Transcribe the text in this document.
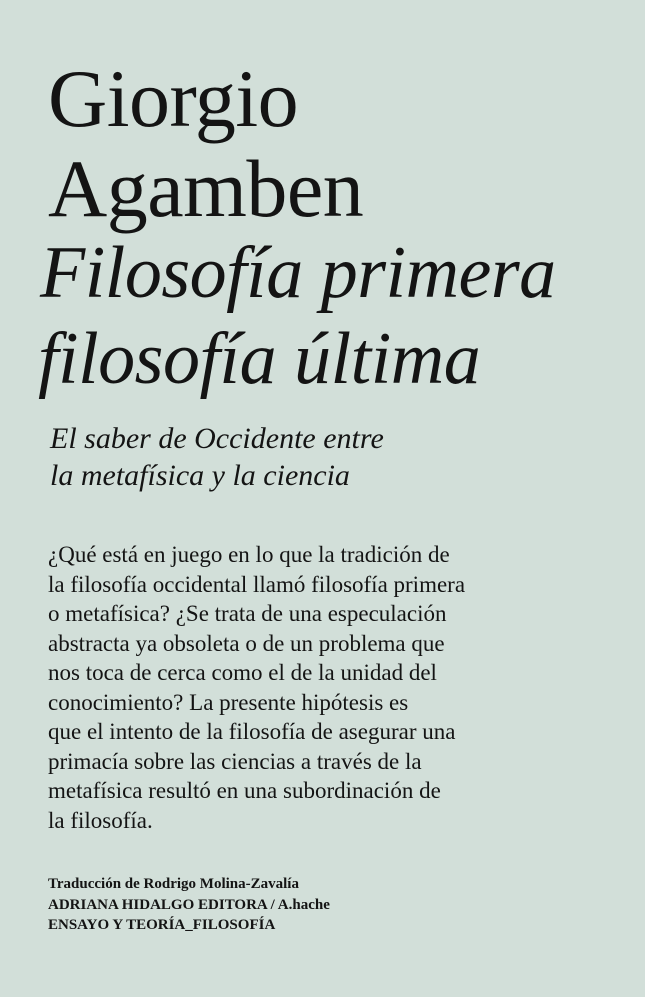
Giorgio
Agamben
Filosofía primera
filosofía última
El saber de Occidente entre
la metafísica y la ciencia

¿Qué está en juego en lo que la tradición de
la filosofía occidental llamó filosofía primera
o metafísica? ¿Se trata de una especulación
abstracta ya obsoleta o de un problema que
nos toca de cerca como el de la unidad del
conocimiento? La presente hipótesis es
que el intento de la filosofía de asegurar una
primacía sobre las ciencias a través de la
metafísica resultó en una subordinación de
la filosofía.

Traducción de Rodrigo Molina-Zavalía
ADRIANA HIDALGO EDITORA / A.hache
ENSAYO Y TEORÍA_FILOSOFÍA
